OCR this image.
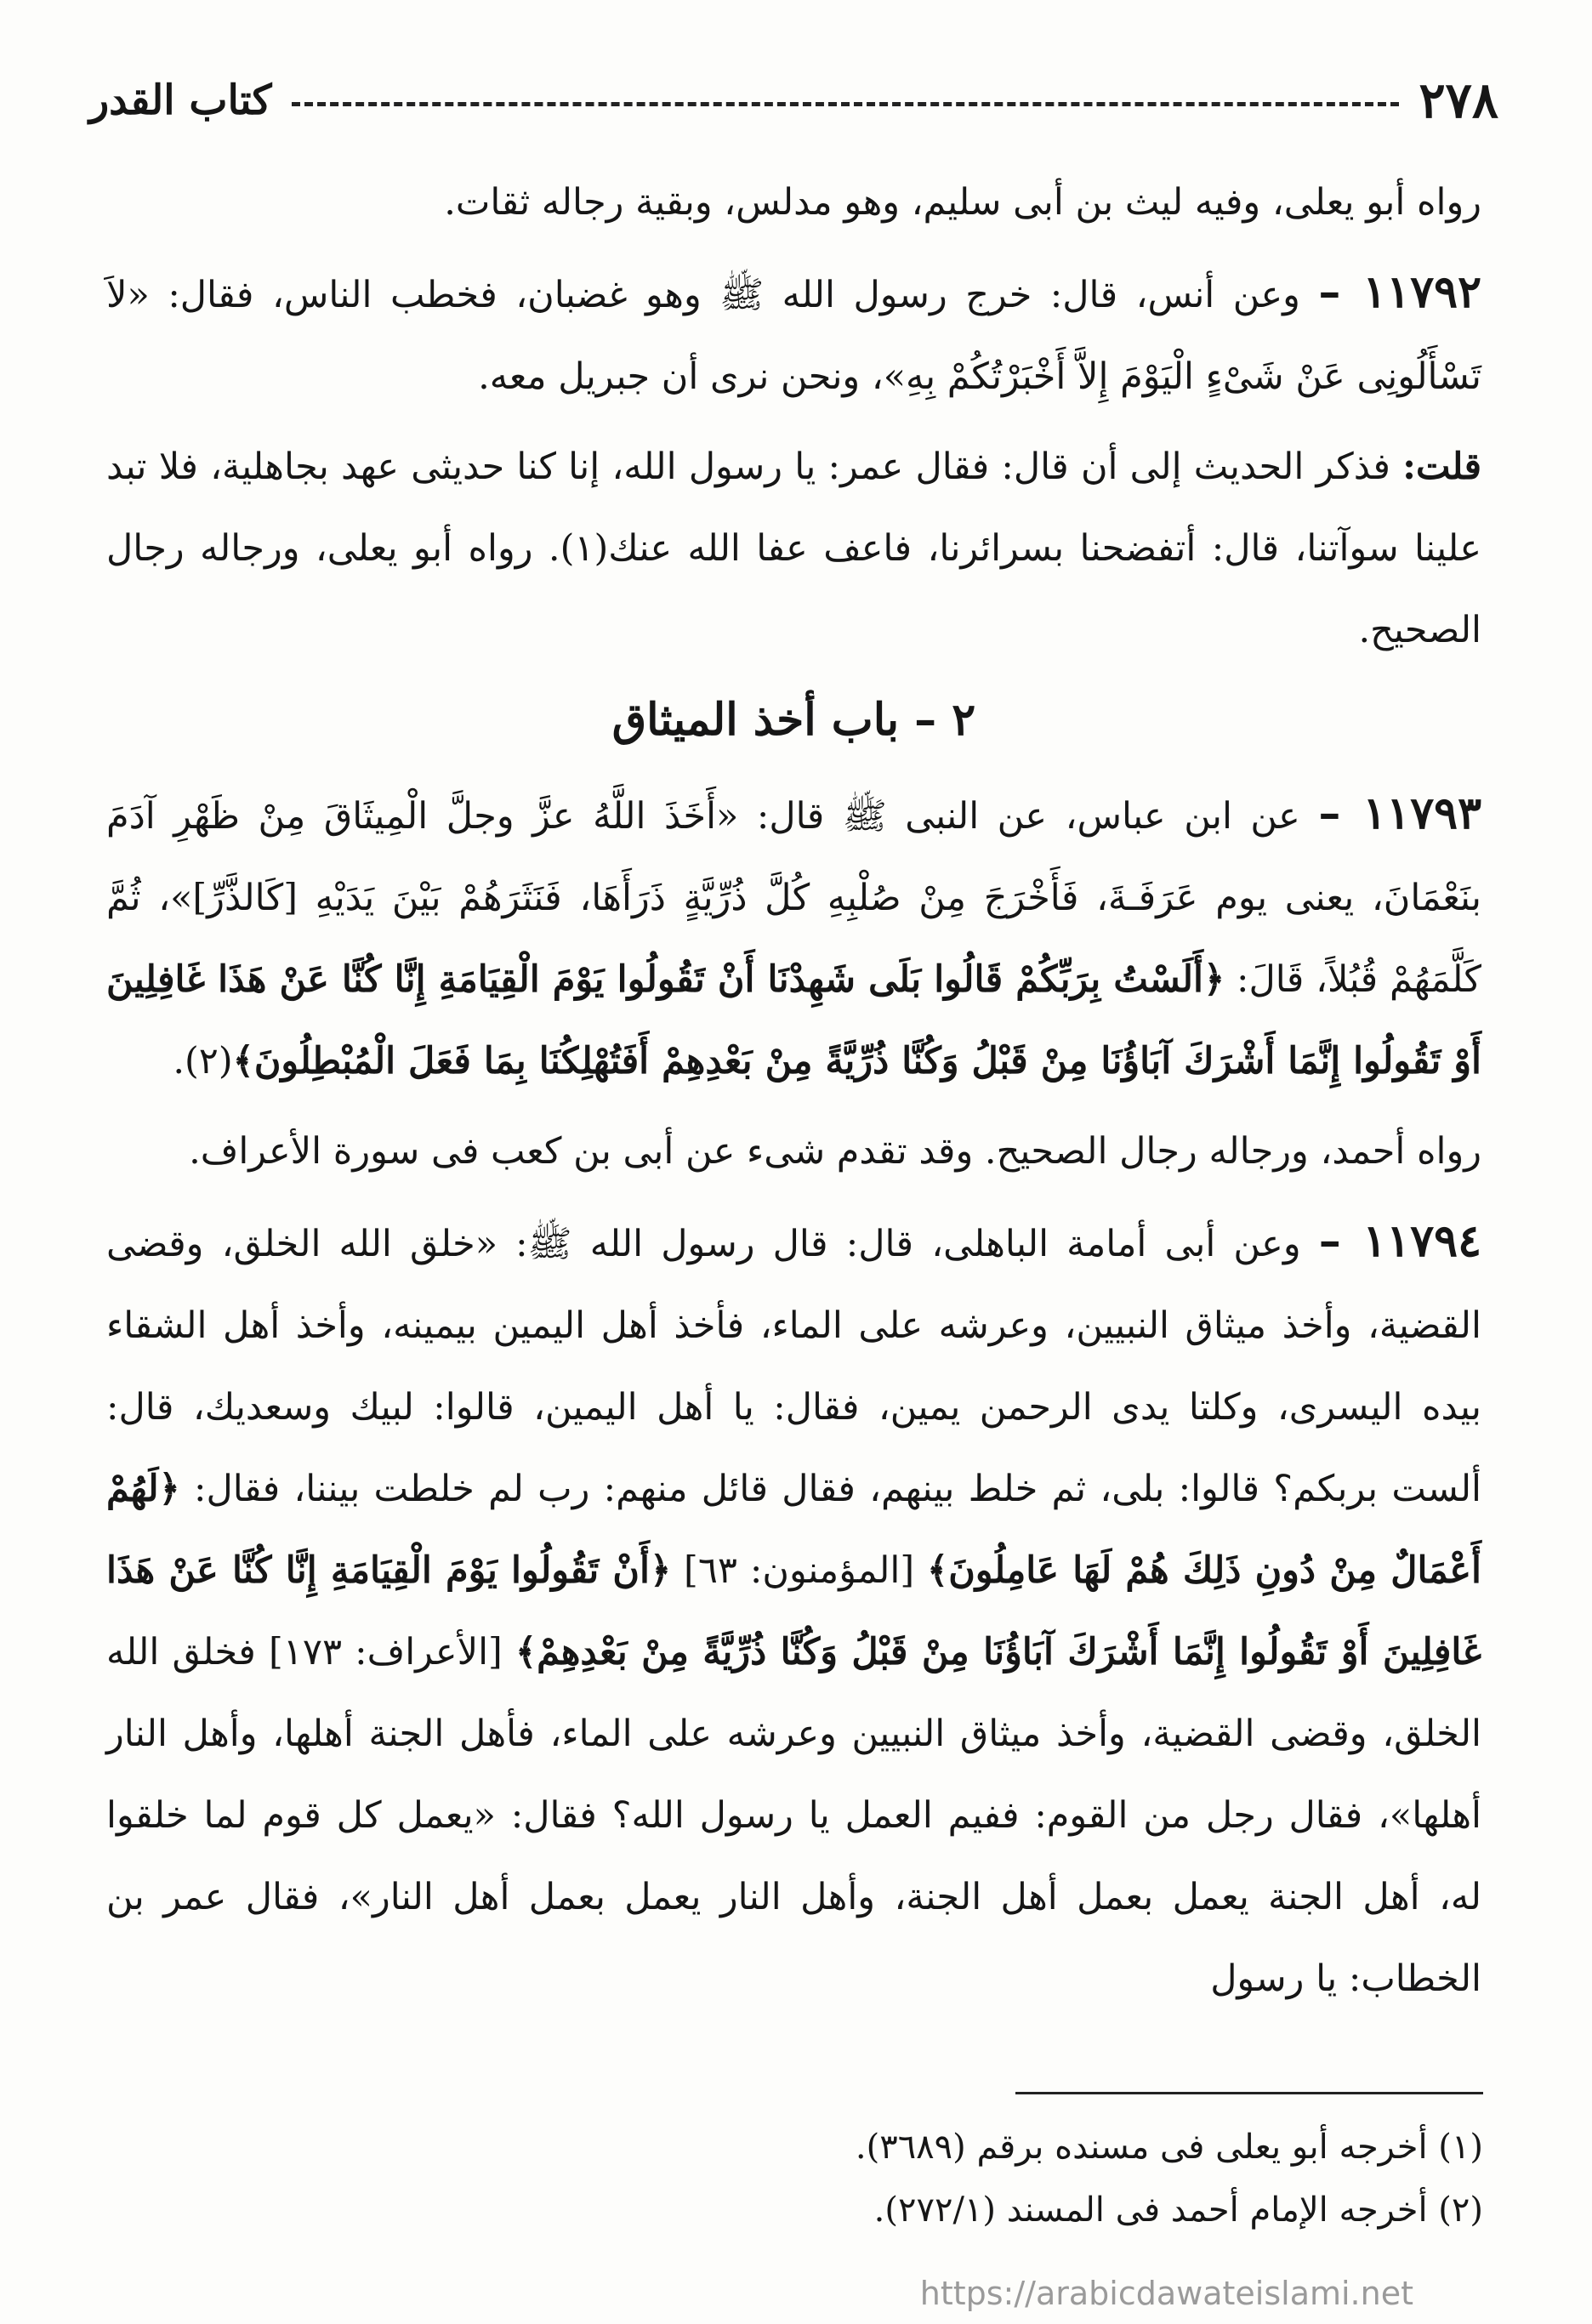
٢٧٨
كتاب القدر

رواه أبو يعلى، وفيه ليث بن أبى سليم، وهو مدلس، وبقية رجاله ثقات.

١١٧٩٢ – وعن أنس، قال: خرج رسول الله ﷺ وهو غضبان، فخطب الناس، فقال: «لاَ تَسْأَلُونِى عَنْ شَىْءٍ الْيَوْمَ إِلاَّ أَخْبَرْتُكُمْ بِهِ»، ونحن نرى أن جبريل معه.

قلت: فذكر الحديث إلى أن قال: فقال عمر: يا رسول الله، إنا كنا حديثى عهد بجاهلية، فلا تبد علينا سوآتنا، قال: أتفضحنا بسرائرنا، فاعف عفا الله عنك(١). رواه أبو يعلى، ورجاله رجال الصحيح.

٢ – باب أخذ الميثاق

١١٧٩٣ – عن ابن عباس، عن النبى ﷺ قال: «أَخَذَ اللَّهُ عزَّ وجلَّ الْمِيثَاقَ مِنْ ظَهْرِ آدَمَ بنَعْمَانَ، يعنى يوم عَرَفَـةَ، فَأَخْرَجَ مِنْ صُلْبِهِ كُلَّ ذُرِّيَّةٍ ذَرَأَهَا، فَنَثَرَهُمْ بَيْنَ يَدَيْهِ [كَالذَّرِّ]»، ثُمَّ كَلَّمَهُمْ قُبُلاً، قَالَ: ﴿أَلَسْتُ بِرَبِّكُمْ قَالُوا بَلَى شَهِدْنَا أَنْ تَقُولُوا يَوْمَ الْقِيَامَةِ إِنَّا كُنَّا عَنْ هَذَا غَافِلِينَ أَوْ تَقُولُوا إِنَّمَا أَشْرَكَ آبَاؤُنَا مِنْ قَبْلُ وَكُنَّا ذُرِّيَّةً مِنْ بَعْدِهِمْ أَفَتُهْلِكُنَا بِمَا فَعَلَ الْمُبْطِلُونَ﴾(٢).

رواه أحمد، ورجاله رجال الصحيح. وقد تقدم شىء عن أبى بن كعب فى سورة الأعراف.

١١٧٩٤ – وعن أبى أمامة الباهلى، قال: قال رسول الله ﷺ: «خلق الله الخلق، وقضى القضية، وأخذ ميثاق النبيين، وعرشه على الماء، فأخذ أهل اليمين بيمينه، وأخذ أهل الشقاء بيده اليسرى، وكلتا يدى الرحمن يمين، فقال: يا أهل اليمين، قالوا: لبيك وسعديك، قال: ألست بربكم؟ قالوا: بلى، ثم خلط بينهم، فقال قائل منهم: رب لم خلطت بيننا، فقال: ﴿لَهُمْ أَعْمَالٌ مِنْ دُونِ ذَلِكَ هُمْ لَهَا عَامِلُونَ﴾ [المؤمنون: ٦٣] ﴿أَنْ تَقُولُوا يَوْمَ الْقِيَامَةِ إِنَّا كُنَّا عَنْ هَذَا غَافِلِينَ أَوْ تَقُولُوا إِنَّمَا أَشْرَكَ آبَاؤُنَا مِنْ قَبْلُ وَكُنَّا ذُرِّيَّةً مِنْ بَعْدِهِمْ﴾ [الأعراف: ١٧٣] فخلق الله الخلق، وقضى القضية، وأخذ ميثاق النبيين وعرشه على الماء، فأهل الجنة أهلها، وأهل النار أهلها»، فقال رجل من القوم: ففيم العمل يا رسول الله؟ فقال: «يعمل كل قوم لما خلقوا له، أهل الجنة يعمل بعمل أهل الجنة، وأهل النار يعمل بعمل أهل النار»، فقال عمر بن الخطاب: يا رسول

(١) أخرجه أبو يعلى فى مسنده برقم (٣٦٨٩).
(٢) أخرجه الإمام أحمد فى المسند (٢٧٢/١).
https://arabicdawateislami.net
